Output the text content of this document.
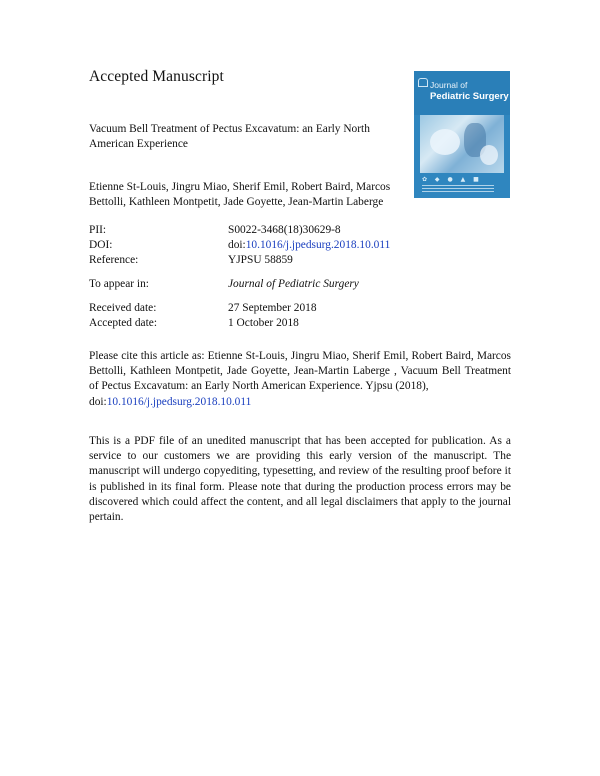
Accepted Manuscript
Vacuum Bell Treatment of Pectus Excavatum: an Early North American Experience
Etienne St-Louis, Jingru Miao, Sherif Emil, Robert Baird, Marcos Bettolli, Kathleen Montpetit, Jade Goyette, Jean-Martin Laberge
Journal of
Pediatric Surgery
✿ ◆ ● ▲ ■
PII:	S0022-3468(18)30629-8
DOI:	doi:10.1016/j.jpedsurg.2018.10.011
Reference:	YJPSU 58859
To appear in:	Journal of Pediatric Surgery
Received date:	27 September 2018
Accepted date:	1 October 2018
Please cite this article as: Etienne St-Louis, Jingru Miao, Sherif Emil, Robert Baird, Marcos Bettolli, Kathleen Montpetit, Jade Goyette, Jean-Martin Laberge , Vacuum Bell Treatment of Pectus Excavatum: an Early North American Experience. Yjpsu (2018),
doi:10.1016/j.jpedsurg.2018.10.011
This is a PDF file of an unedited manuscript that has been accepted for publication. As a service to our customers we are providing this early version of the manuscript. The manuscript will undergo copyediting, typesetting, and review of the resulting proof before it is published in its final form. Please note that during the production process errors may be discovered which could affect the content, and all legal disclaimers that apply to the journal pertain.
